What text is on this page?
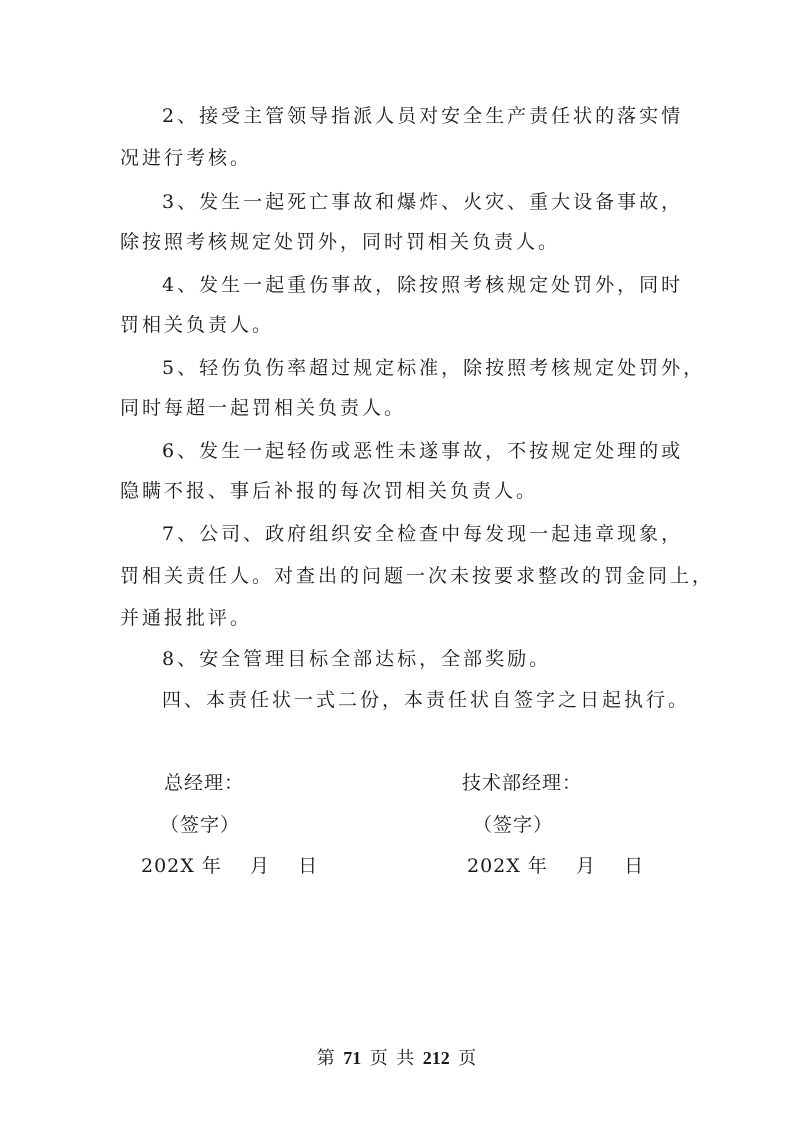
2、接受主管领导指派人员对安全生产责任状的落实情
况进行考核。
3、发生一起死亡事故和爆炸、火灾、重大设备事故，
除按照考核规定处罚外，同时罚相关负责人。
4、发生一起重伤事故，除按照考核规定处罚外，同时
罚相关负责人。
5、轻伤负伤率超过规定标准，除按照考核规定处罚外，
同时每超一起罚相关负责人。
6、发生一起轻伤或恶性未遂事故，不按规定处理的或
隐瞒不报、事后补报的每次罚相关负责人。
7、公司、政府组织安全检查中每发现一起违章现象，
罚相关责任人。对查出的问题一次未按要求整改的罚金同上，
并通报批评。
8、安全管理目标全部达标，全部奖励。
四、本责任状一式二份，本责任状自签字之日起执行。
总经理：
（签字）
202X 年    月    日
技术部经理：
（签字）
202X 年    月    日
第 71 页 共 212 页
